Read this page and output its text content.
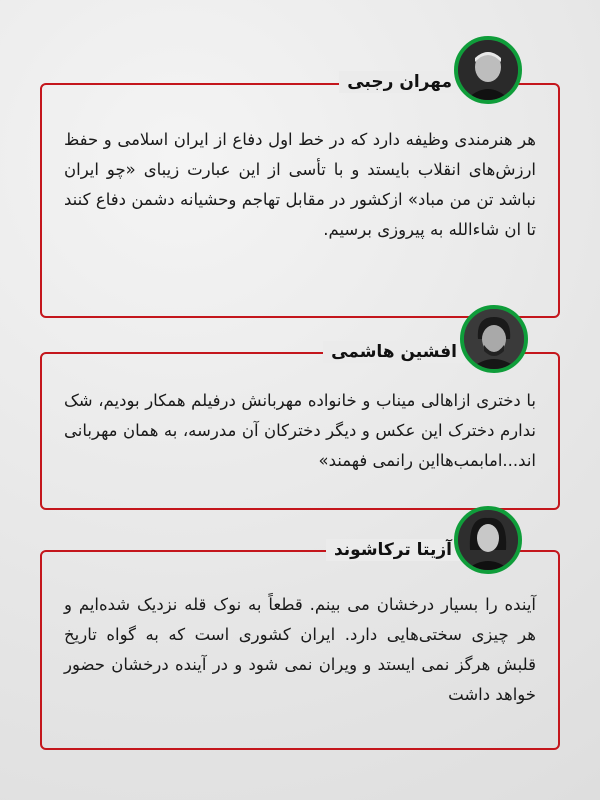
هر هنرمندی وظیفه دارد که در خط اول دفاع از ایران اسلامی و حفظ ارزش‌های انقلاب بایستد و با تأسی از این عبارت زیبای «چو ایران نباشد تن من مباد» ازکشور در مقابل تهاجم وحشیانه دشمن دفاع کنند تا ان شاءالله به پیروزی برسیم.

مهران رجبی

با دختری ازاهالی میناب و خانواده مهربانش درفیلم همکار بودیم، شک ندارم دخترک این عکس و دیگر دخترکان آن مدرسه، به همان مهربانی اند...امابمب‌هااین رانمی فهمند»

افشین هاشمی

آینده را بسیار درخشان می بینم. قطعاً به نوک قله نزدیک شده‌ایم و هر چیزی سختی‌هایی دارد. ایران کشوری است که به گواه تاریخ قلبش هرگز نمی ایستد و ویران نمی شود و در آینده درخشان حضور خواهد داشت

آزیتا ترکاشوند
